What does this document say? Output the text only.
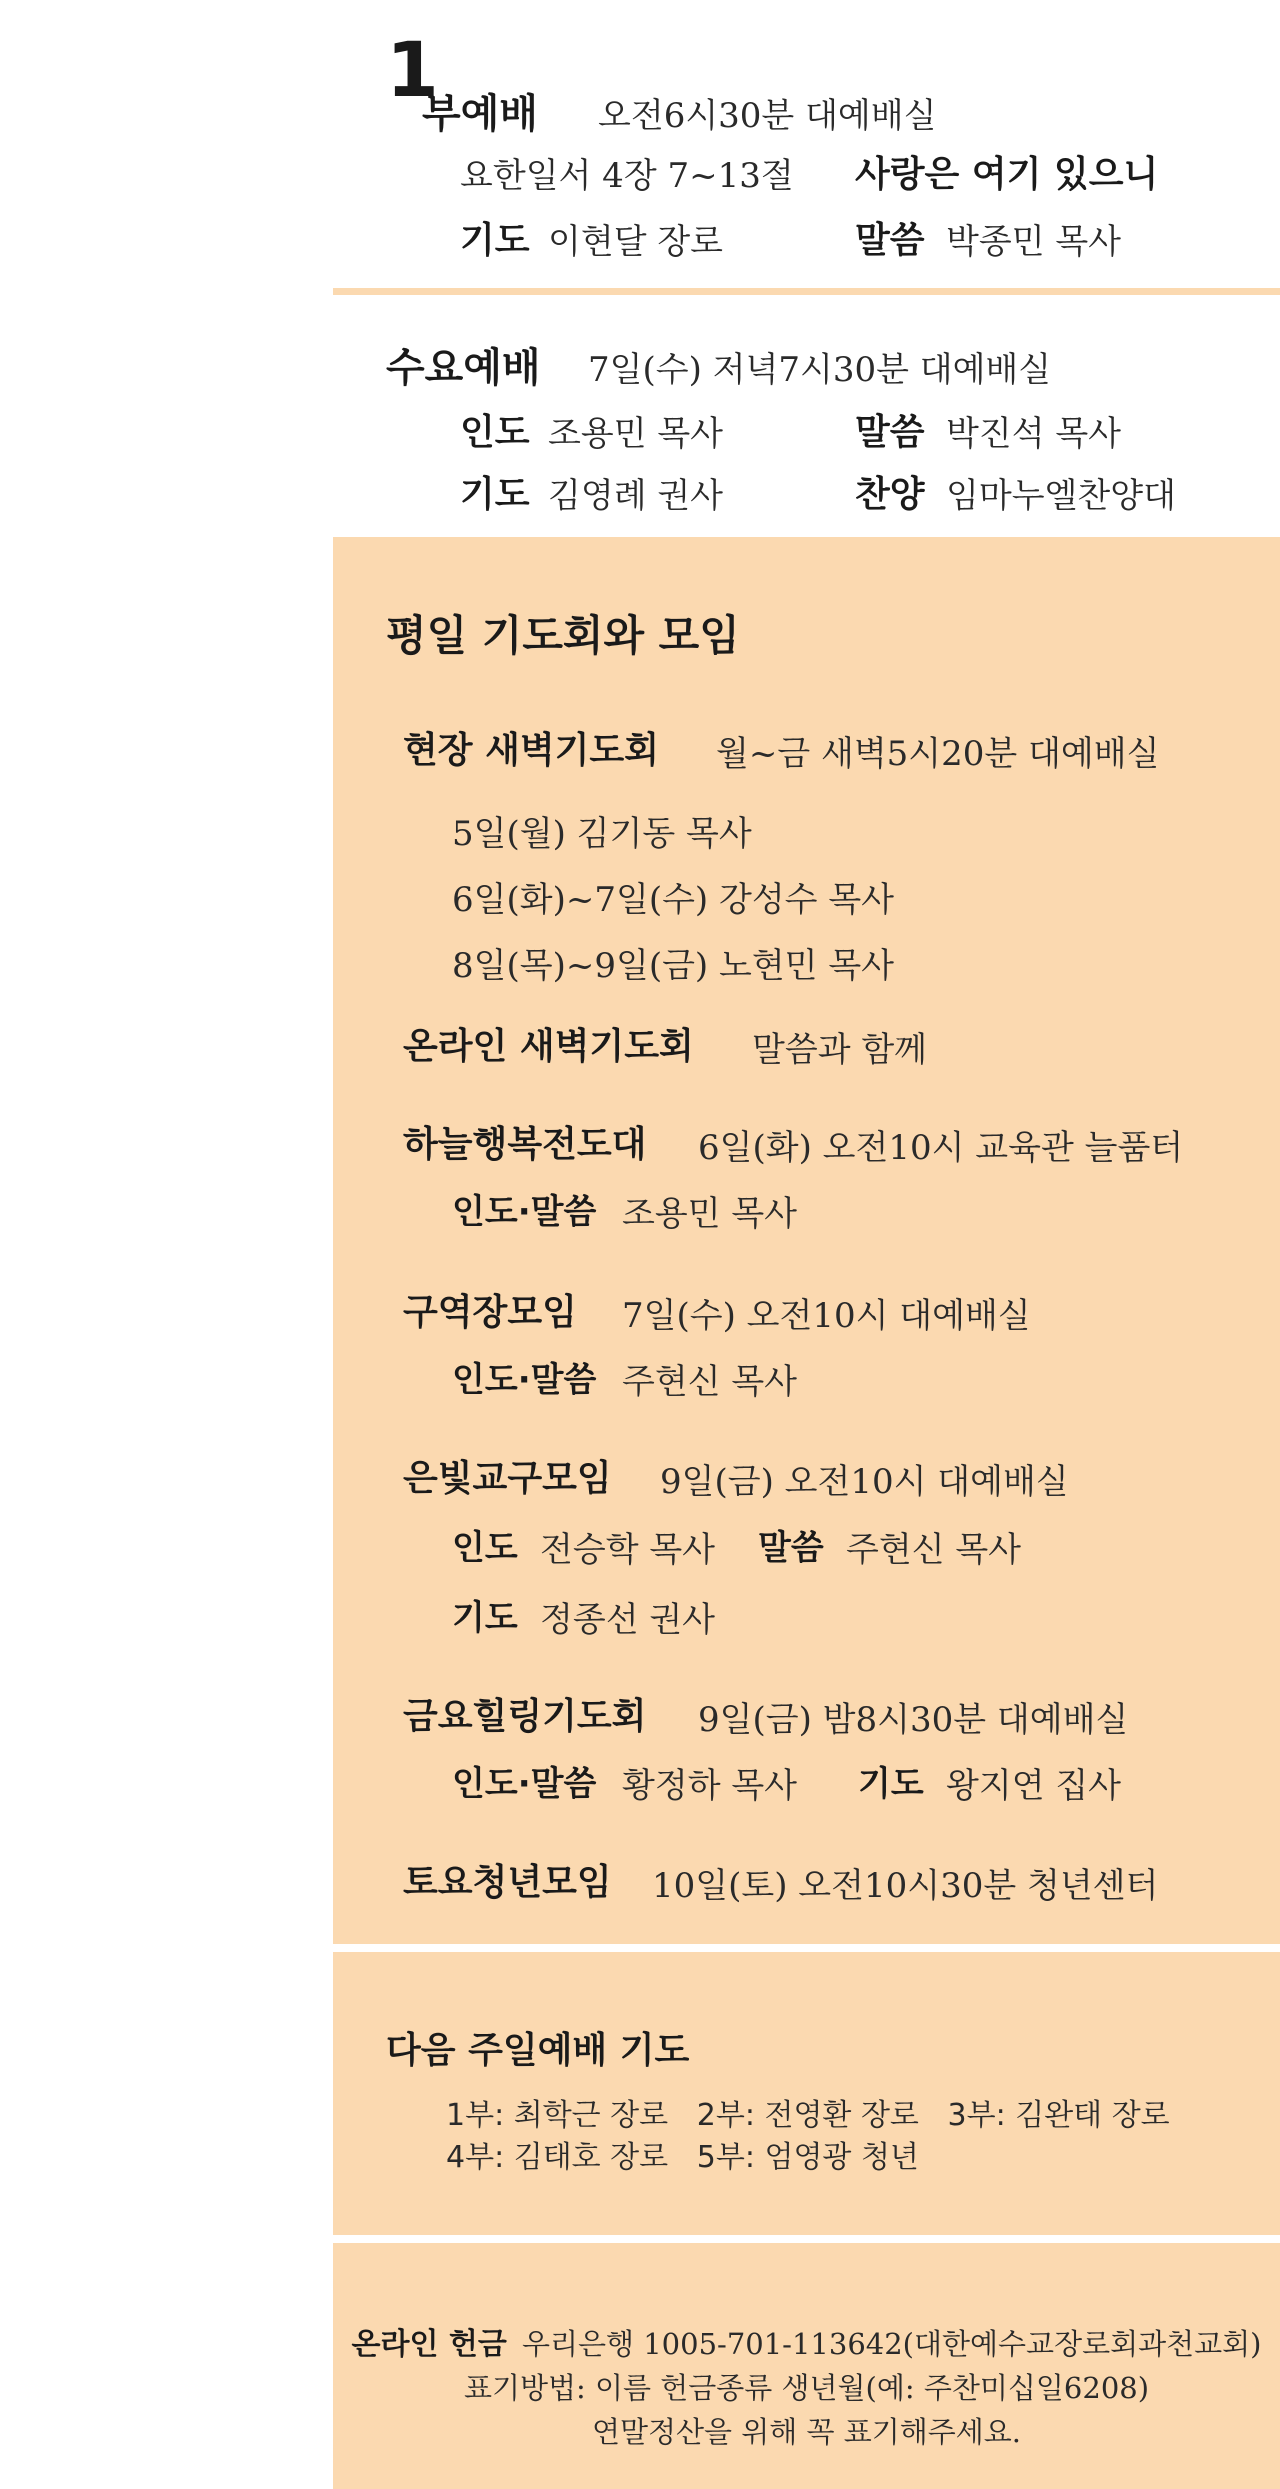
1
부예배 오전6시30분 대예배실
요한일서 4장 7~13절 사랑은 여기 있으니
기도 이현달 장로	말씀 박종민 목사
수요예배 7일(수) 저녁7시30분 대예배실
인도 조용민 목사	말씀 박진석 목사
기도 김영례 권사	찬양 임마누엘찬양대
평일 기도회와 모임
현장 새벽기도회 월~금 새벽5시20분 대예배실
5일(월) 김기동 목사
6일(화)~7일(수) 강성수 목사
8일(목)~9일(금) 노현민 목사
온라인 새벽기도회 말씀과 함께
하늘행복전도대 6일(화) 오전10시 교육관 늘품터
인도·말씀 조용민 목사
구역장모임 7일(수) 오전10시 대예배실
인도·말씀 주현신 목사
은빛교구모임 9일(금) 오전10시 대예배실
인도 전승학 목사 말씀 주현신 목사
기도 정종선 권사
금요힐링기도회 9일(금) 밤8시30분 대예배실
인도·말씀 황정하 목사 기도 왕지연 집사
토요청년모임 10일(토) 오전10시30분 청년센터
다음 주일예배 기도
1부: 최학근 장로   2부: 전영환 장로   3부: 김완태 장로
4부: 김태호 장로   5부: 엄영광 청년
온라인 헌금 우리은행 1005-701-113642(대한예수교장로회과천교회)
표기방법: 이름 헌금종류 생년월(예: 주찬미십일6208)
연말정산을 위해 꼭 표기해주세요.
